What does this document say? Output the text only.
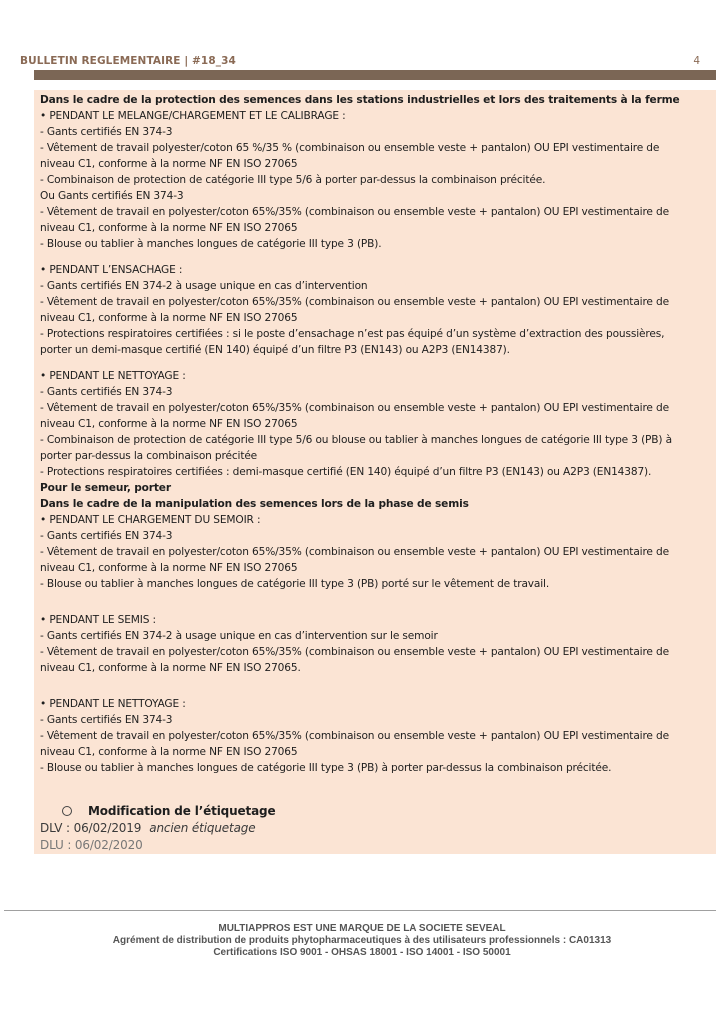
BULLETIN REGLEMENTAIRE | #18_34	4

Dans le cadre de la protection des semences dans les stations industrielles et lors des traitements à la ferme

• PENDANT LE MELANGE/CHARGEMENT ET LE CALIBRAGE :

- Gants certifiés EN 374-3

- Vêtement de travail polyester/coton 65 %/35 % (combinaison ou ensemble veste + pantalon) OU EPI vestimentaire de

niveau C1, conforme à la norme NF EN ISO 27065

- Combinaison de protection de catégorie III type 5/6 à porter par-dessus la combinaison précitée.

Ou Gants certifiés EN 374-3

- Vêtement de travail en polyester/coton 65%/35% (combinaison ou ensemble veste + pantalon) OU EPI vestimentaire de

niveau C1, conforme à la norme NF EN ISO 27065

- Blouse ou tablier à manches longues de catégorie III type 3 (PB).

• PENDANT L’ENSACHAGE :

- Gants certifiés EN 374-2 à usage unique en cas d’intervention

- Vêtement de travail en polyester/coton 65%/35% (combinaison ou ensemble veste + pantalon) OU EPI vestimentaire de

niveau C1, conforme à la norme NF EN ISO 27065

- Protections respiratoires certifiées : si le poste d’ensachage n’est pas équipé d’un système d’extraction des poussières,

porter un demi-masque certifié (EN 140) équipé d’un filtre P3 (EN143) ou A2P3 (EN14387).

• PENDANT LE NETTOYAGE :

- Gants certifiés EN 374-3

- Vêtement de travail en polyester/coton 65%/35% (combinaison ou ensemble veste + pantalon) OU EPI vestimentaire de

niveau C1, conforme à la norme NF EN ISO 27065

- Combinaison de protection de catégorie III type 5/6 ou blouse ou tablier à manches longues de catégorie III type 3 (PB) à

porter par-dessus la combinaison précitée

- Protections respiratoires certifiées : demi-masque certifié (EN 140) équipé d’un filtre P3 (EN143) ou A2P3 (EN14387).

Pour le semeur, porter

Dans le cadre de la manipulation des semences lors de la phase de semis

• PENDANT LE CHARGEMENT DU SEMOIR :

- Gants certifiés EN 374-3

- Vêtement de travail en polyester/coton 65%/35% (combinaison ou ensemble veste + pantalon) OU EPI vestimentaire de

niveau C1, conforme à la norme NF EN ISO 27065

- Blouse ou tablier à manches longues de catégorie III type 3 (PB) porté sur le vêtement de travail.

• PENDANT LE SEMIS :

- Gants certifiés EN 374-2 à usage unique en cas d’intervention sur le semoir

- Vêtement de travail en polyester/coton 65%/35% (combinaison ou ensemble veste + pantalon) OU EPI vestimentaire de

niveau C1, conforme à la norme NF EN ISO 27065.

• PENDANT LE NETTOYAGE :

- Gants certifiés EN 374-3

- Vêtement de travail en polyester/coton 65%/35% (combinaison ou ensemble veste + pantalon) OU EPI vestimentaire de

niveau C1, conforme à la norme NF EN ISO 27065

- Blouse ou tablier à manches longues de catégorie III type 3 (PB) à porter par-dessus la combinaison précitée.

Modification de l’étiquetage

DLV : 06/02/2019 ancien étiquetage

DLU : 06/02/2020

MULTIAPPROS EST UNE MARQUE DE LA SOCIETE SEVEAL
Agrément de distribution de produits phytopharmaceutiques à des utilisateurs professionnels : CA01313
Certifications ISO 9001 - OHSAS 18001 - ISO 14001 - ISO 50001
